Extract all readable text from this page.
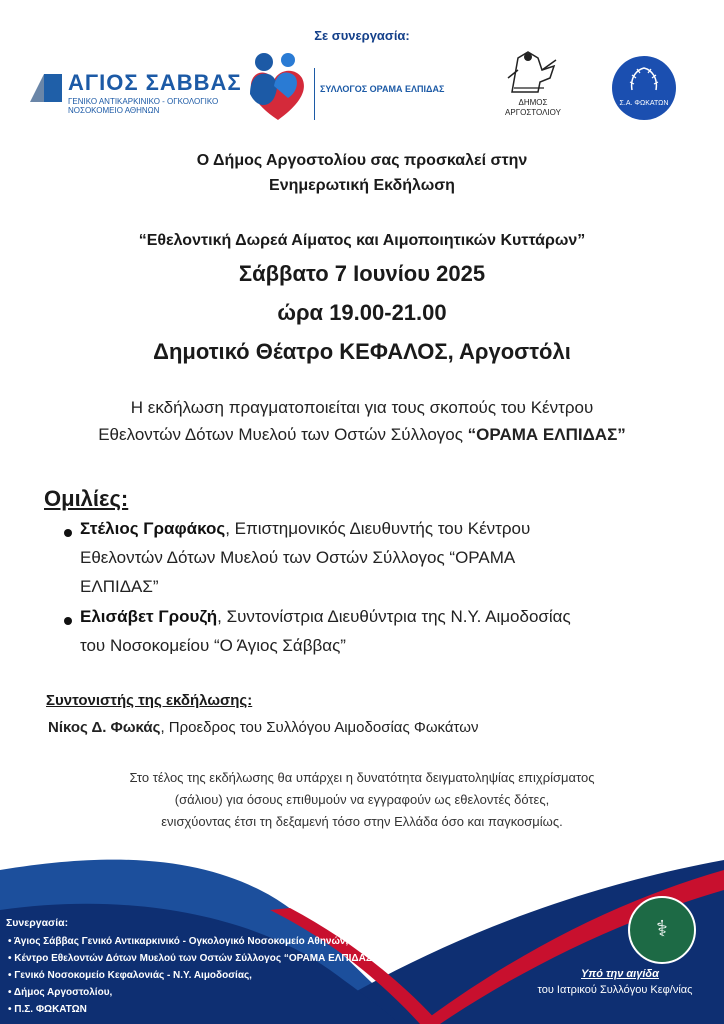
Σε συνεργασία:
ΑΓΙΟΣ ΣΑΒΒΑΣ
ΓΕΝΙΚΟ ΑΝΤΙΚΑΡΚΙΝΙΚΟ - ΟΓΚΟΛΟΓΙΚΟ
ΝΟΣΟΚΟΜΕΙΟ ΑΘΗΝΩΝ
ΣΥΛΛΟΓΟΣ ΟΡΑΜΑ ΕΛΠΙΔΑΣ
ΔΗΜΟΣ
ΑΡΓΟΣΤΟΛΙΟΥ
Σ.Α. ΦΩΚΑΤΩΝ
Ο Δήμος Αργοστολίου σας προσκαλεί στην
Ενημερωτική Εκδήλωση
“Εθελοντική Δωρεά Αίματος και Αιμοποιητικών Κυττάρων”
Σάββατο 7 Ιουνίου 2025
ώρα 19.00-21.00
Δημοτικό Θέατρο ΚΕΦΑΛΟΣ, Αργοστόλι
Η εκδήλωση πραγματοποιείται για τους σκοπούς του Κέντρου
Εθελοντών Δότων Μυελού των Οστών Σύλλογος “ΟΡΑΜΑ ΕΛΠΙΔΑΣ”
Ομιλίες:
Στέλιος Γραφάκος, Επιστημονικός Διευθυντής του Κέντρου
Εθελοντών Δότων Μυελού των Οστών Σύλλογος “ΟΡΑΜΑ
ΕΛΠΙΔΑΣ”
Ελισάβετ Γρουζή, Συντονίστρια Διευθύντρια της Ν.Υ. Αιμοδοσίας
του Νοσοκομείου “Ο Άγιος Σάββας”
Συντονιστής της εκδήλωσης:
Νίκος Δ. Φωκάς, Προεδρος του Συλλόγου Αιμοδοσίας Φωκάτων
Στο τέλος της εκδήλωσης θα υπάρχει η δυνατότητα δειγματοληψίας επιχρίσματος
(σάλιου) για όσους επιθυμούν να εγγραφούν ως εθελοντές δότες,
ενισχύοντας έτσι τη δεξαμενή τόσο στην Ελλάδα όσο και παγκοσμίως.
Συνεργασία:
• Άγιος Σάββας Γενικό Αντικαρκινικό - Ογκολογικό Νοσοκομείο Αθηνών,
• Κέντρο Εθελοντών Δότων Μυελού των Οστών Σύλλογος “ΟΡΑΜΑ ΕΛΠΙΔΑΣ”,
• Γενικό Νοσοκομείο Κεφαλονιάς - Ν.Υ. Αιμοδοσίας,
• Δήμος Αργοστολίου,
• Π.Σ. ΦΩΚΑΤΩΝ
⚕
Υπό την αιγίδα
του Ιατρικού Συλλόγου Κεφ/νίας
